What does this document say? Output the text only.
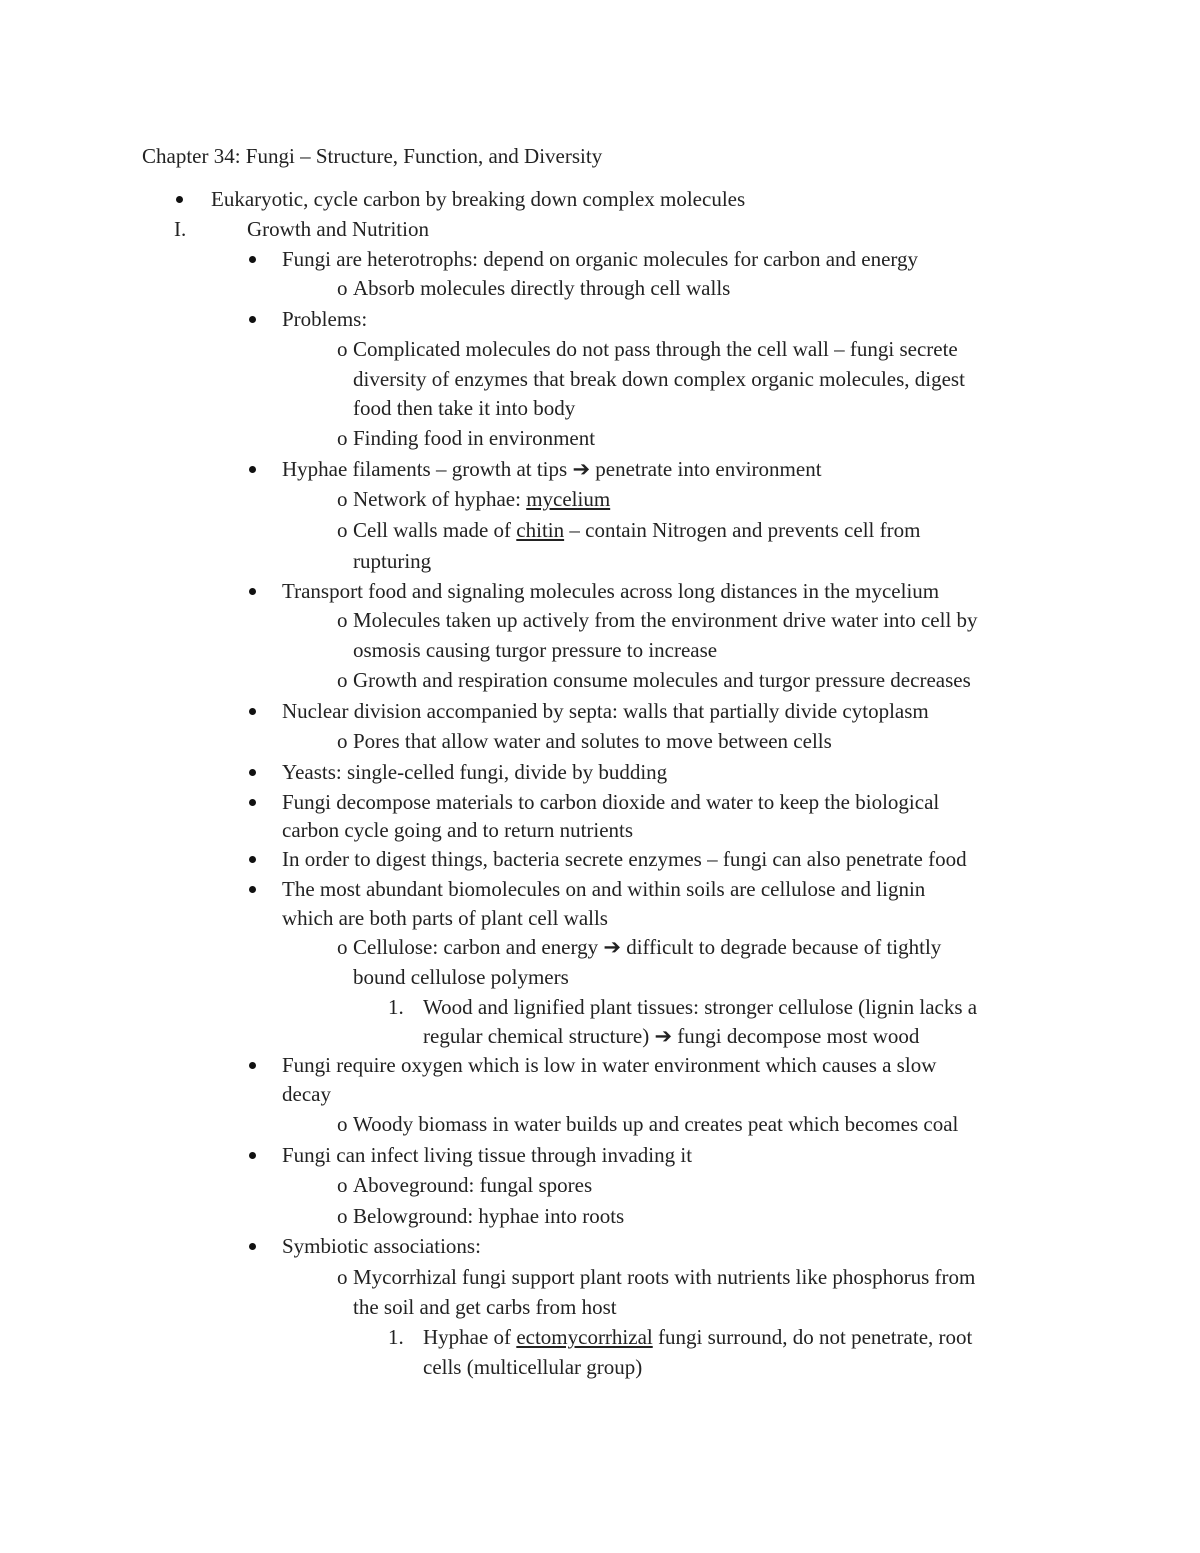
Chapter 34: Fungi – Structure, Function, and Diversity
Eukaryotic, cycle carbon by breaking down complex molecules
I.	Growth and Nutrition
Fungi are heterotrophs: depend on organic molecules for carbon and energy
o Absorb molecules directly through cell walls
Problems:
o Complicated molecules do not pass through the cell wall – fungi secrete
diversity of enzymes that break down complex organic molecules, digest
food then take it into body
o Finding food in environment
Hyphae filaments – growth at tips ➔ penetrate into environment
o Network of hyphae: mycelium
o Cell walls made of chitin – contain Nitrogen and prevents cell from
rupturing
Transport food and signaling molecules across long distances in the mycelium
o Molecules taken up actively from the environment drive water into cell by
osmosis causing turgor pressure to increase
o Growth and respiration consume molecules and turgor pressure decreases
Nuclear division accompanied by septa: walls that partially divide cytoplasm
o Pores that allow water and solutes to move between cells
Yeasts: single-celled fungi, divide by budding
Fungi decompose materials to carbon dioxide and water to keep the biological
carbon cycle going and to return nutrients
In order to digest things, bacteria secrete enzymes – fungi can also penetrate food
The most abundant biomolecules on and within soils are cellulose and lignin
which are both parts of plant cell walls
o Cellulose: carbon and energy ➔ difficult to degrade because of tightly
bound cellulose polymers
1. Wood and lignified plant tissues: stronger cellulose (lignin lacks a
regular chemical structure) ➔ fungi decompose most wood
Fungi require oxygen which is low in water environment which causes a slow
decay
o Woody biomass in water builds up and creates peat which becomes coal
Fungi can infect living tissue through invading it
o Aboveground: fungal spores
o Belowground: hyphae into roots
Symbiotic associations:
o Mycorrhizal fungi support plant roots with nutrients like phosphorus from
the soil and get carbs from host
1. Hyphae of ectomycorrhizal fungi surround, do not penetrate, root
cells (multicellular group)
